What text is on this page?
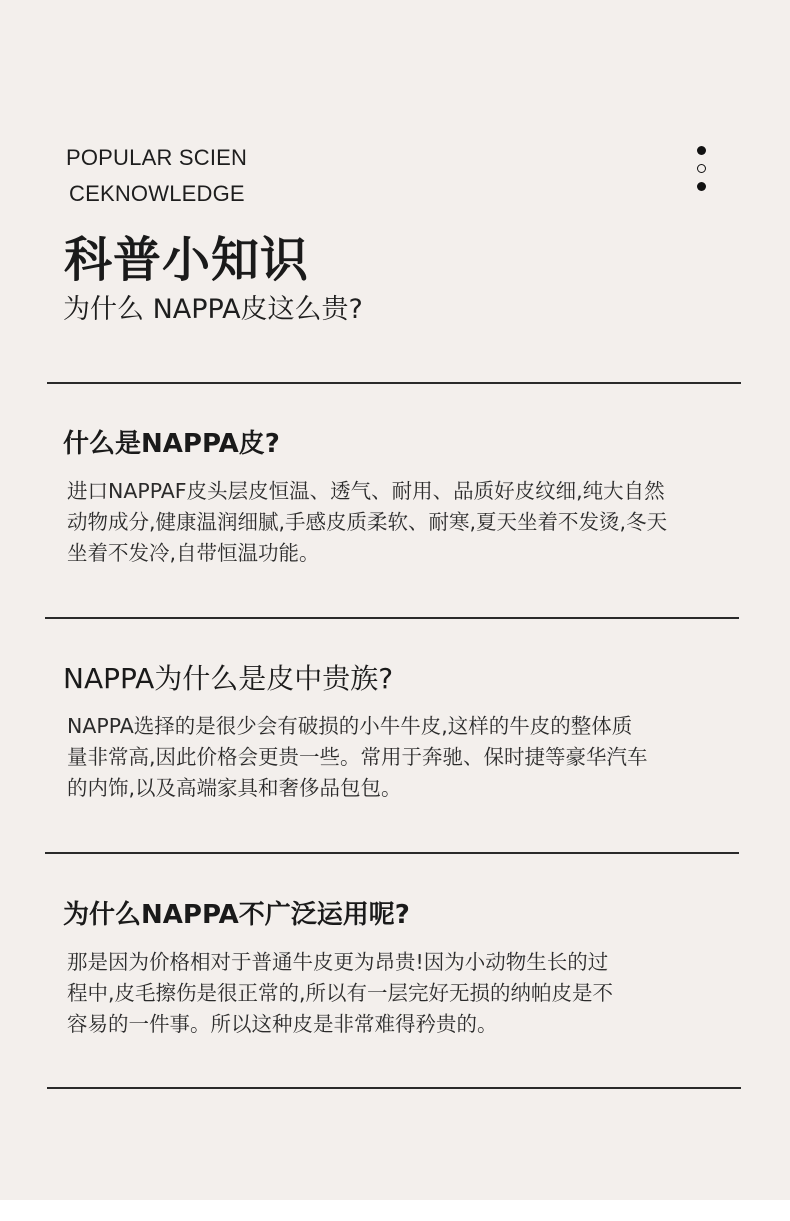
POPULAR SCIEN
CEKNOWLEDGE
科普小知识
为什么 NAPPA皮这么贵?
什么是NAPPA皮?
进口NAPPAF皮头层皮恒温、透气、耐用、品质好皮纹细,纯大自然
动物成分,健康温润细腻,手感皮质柔软、耐寒,夏天坐着不发烫,冬天
坐着不发冷,自带恒温功能。
NAPPA为什么是皮中贵族?
NAPPA选择的是很少会有破损的小牛牛皮,这样的牛皮的整体质
量非常高,因此价格会更贵一些。常用于奔驰、保时捷等豪华汽车
的内饰,以及高端家具和奢侈品包包。
为什么NAPPA不广泛运用呢?
那是因为价格相对于普通牛皮更为昂贵!因为小动物生长的过
程中,皮毛擦伤是很正常的,所以有一层完好无损的纳帕皮是不
容易的一件事。所以这种皮是非常难得矜贵的。
